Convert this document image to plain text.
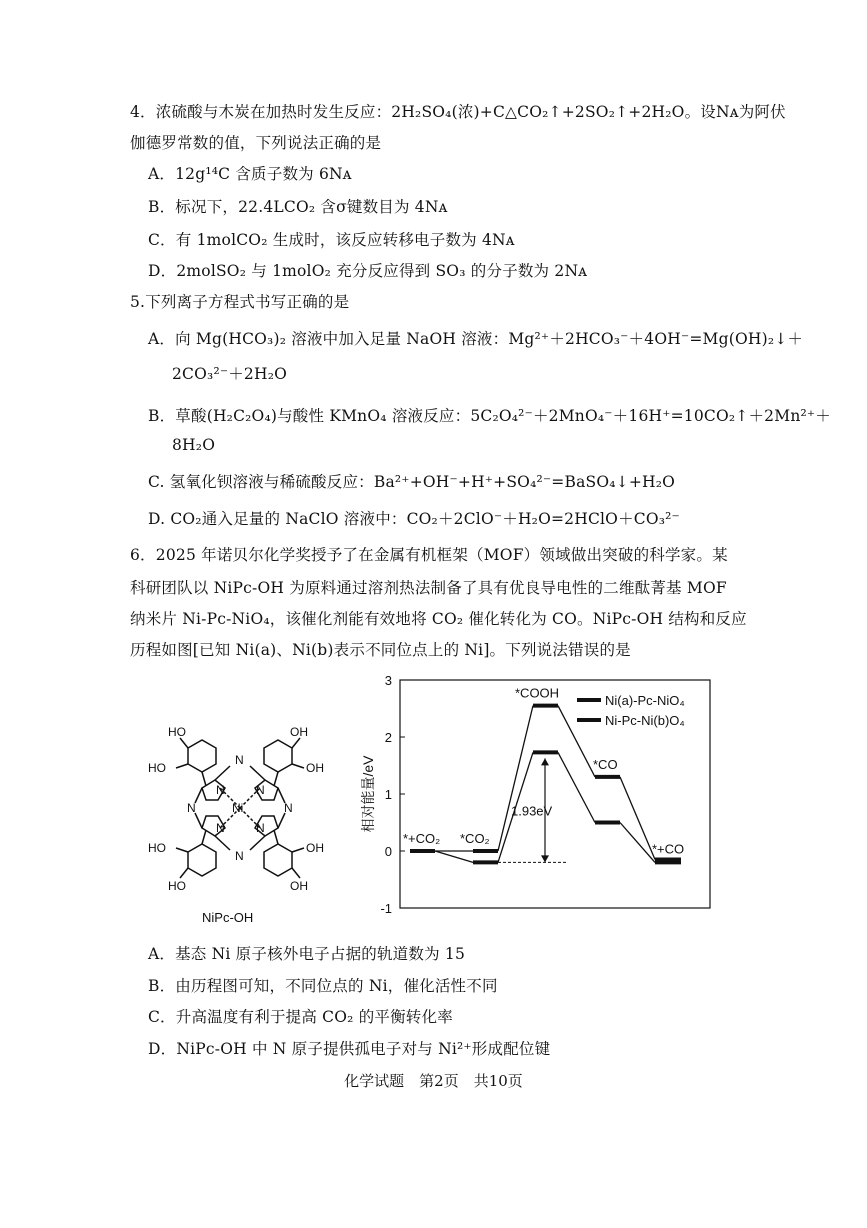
4．浓硫酸与木炭在加热时发生反应：2H₂SO₄(浓)+C△CO₂↑+2SO₂↑+2H₂O。设Nᴀ为阿伏
伽德罗常数的值，下列说法正确的是
A．12g¹⁴C 含质子数为 6Nᴀ
B．标况下，22.4LCO₂ 含σ键数目为 4Nᴀ
C．有 1molCO₂ 生成时，该反应转移电子数为 4Nᴀ
D．2molSO₂ 与 1molO₂ 充分反应得到 SO₃ 的分子数为 2Nᴀ
5.下列离子方程式书写正确的是
A．向 Mg(HCO₃)₂ 溶液中加入足量 NaOH 溶液：Mg²⁺＋2HCO₃⁻＋4OH⁻=Mg(OH)₂↓＋
2CO₃²⁻＋2H₂O
B．草酸(H₂C₂O₄)与酸性 KMnO₄ 溶液反应：5C₂O₄²⁻＋2MnO₄⁻＋16H⁺=10CO₂↑＋2Mn²⁺＋
8H₂O
C. 氢氧化钡溶液与稀硫酸反应：Ba²⁺+OH⁻+H⁺+SO₄²⁻=BaSO₄↓+H₂O
D. CO₂通入足量的 NaClO 溶液中：CO₂＋2ClO⁻＋H₂O=2HClO＋CO₃²⁻
6．2025 年诺贝尔化学奖授予了在金属有机框架（MOF）领域做出突破的科学家。某
科研团队以 NiPc-OH 为原料通过溶剂热法制备了具有优良导电性的二维酞菁基 MOF
纳米片 Ni-Pc-NiO₄，该催化剂能有效地将 CO₂ 催化转化为 CO。NiPc-OH 结构和反应
历程如图[已知 Ni(a)、Ni(b)表示不同位点上的 Ni]。下列说法错误的是
HO
HO
OH
OH
HO
HO
OH
OH
N
N
N	N
N	N
N	N
Ni
NiPc-OH
3
2
1
0
-1
相对能量/eV
*+CO₂ *CO₂
*COOH
*CO
*+CO
1.93eV
Ni(a)-Pc-NiO₄
Ni-Pc-Ni(b)O₄
A．基态 Ni 原子核外电子占据的轨道数为 15
B．由历程图可知，不同位点的 Ni，催化活性不同
C．升高温度有利于提高 CO₂ 的平衡转化率
D．NiPc-OH 中 N 原子提供孤电子对与 Ni²⁺形成配位键
化学试题　第2页　共10页
